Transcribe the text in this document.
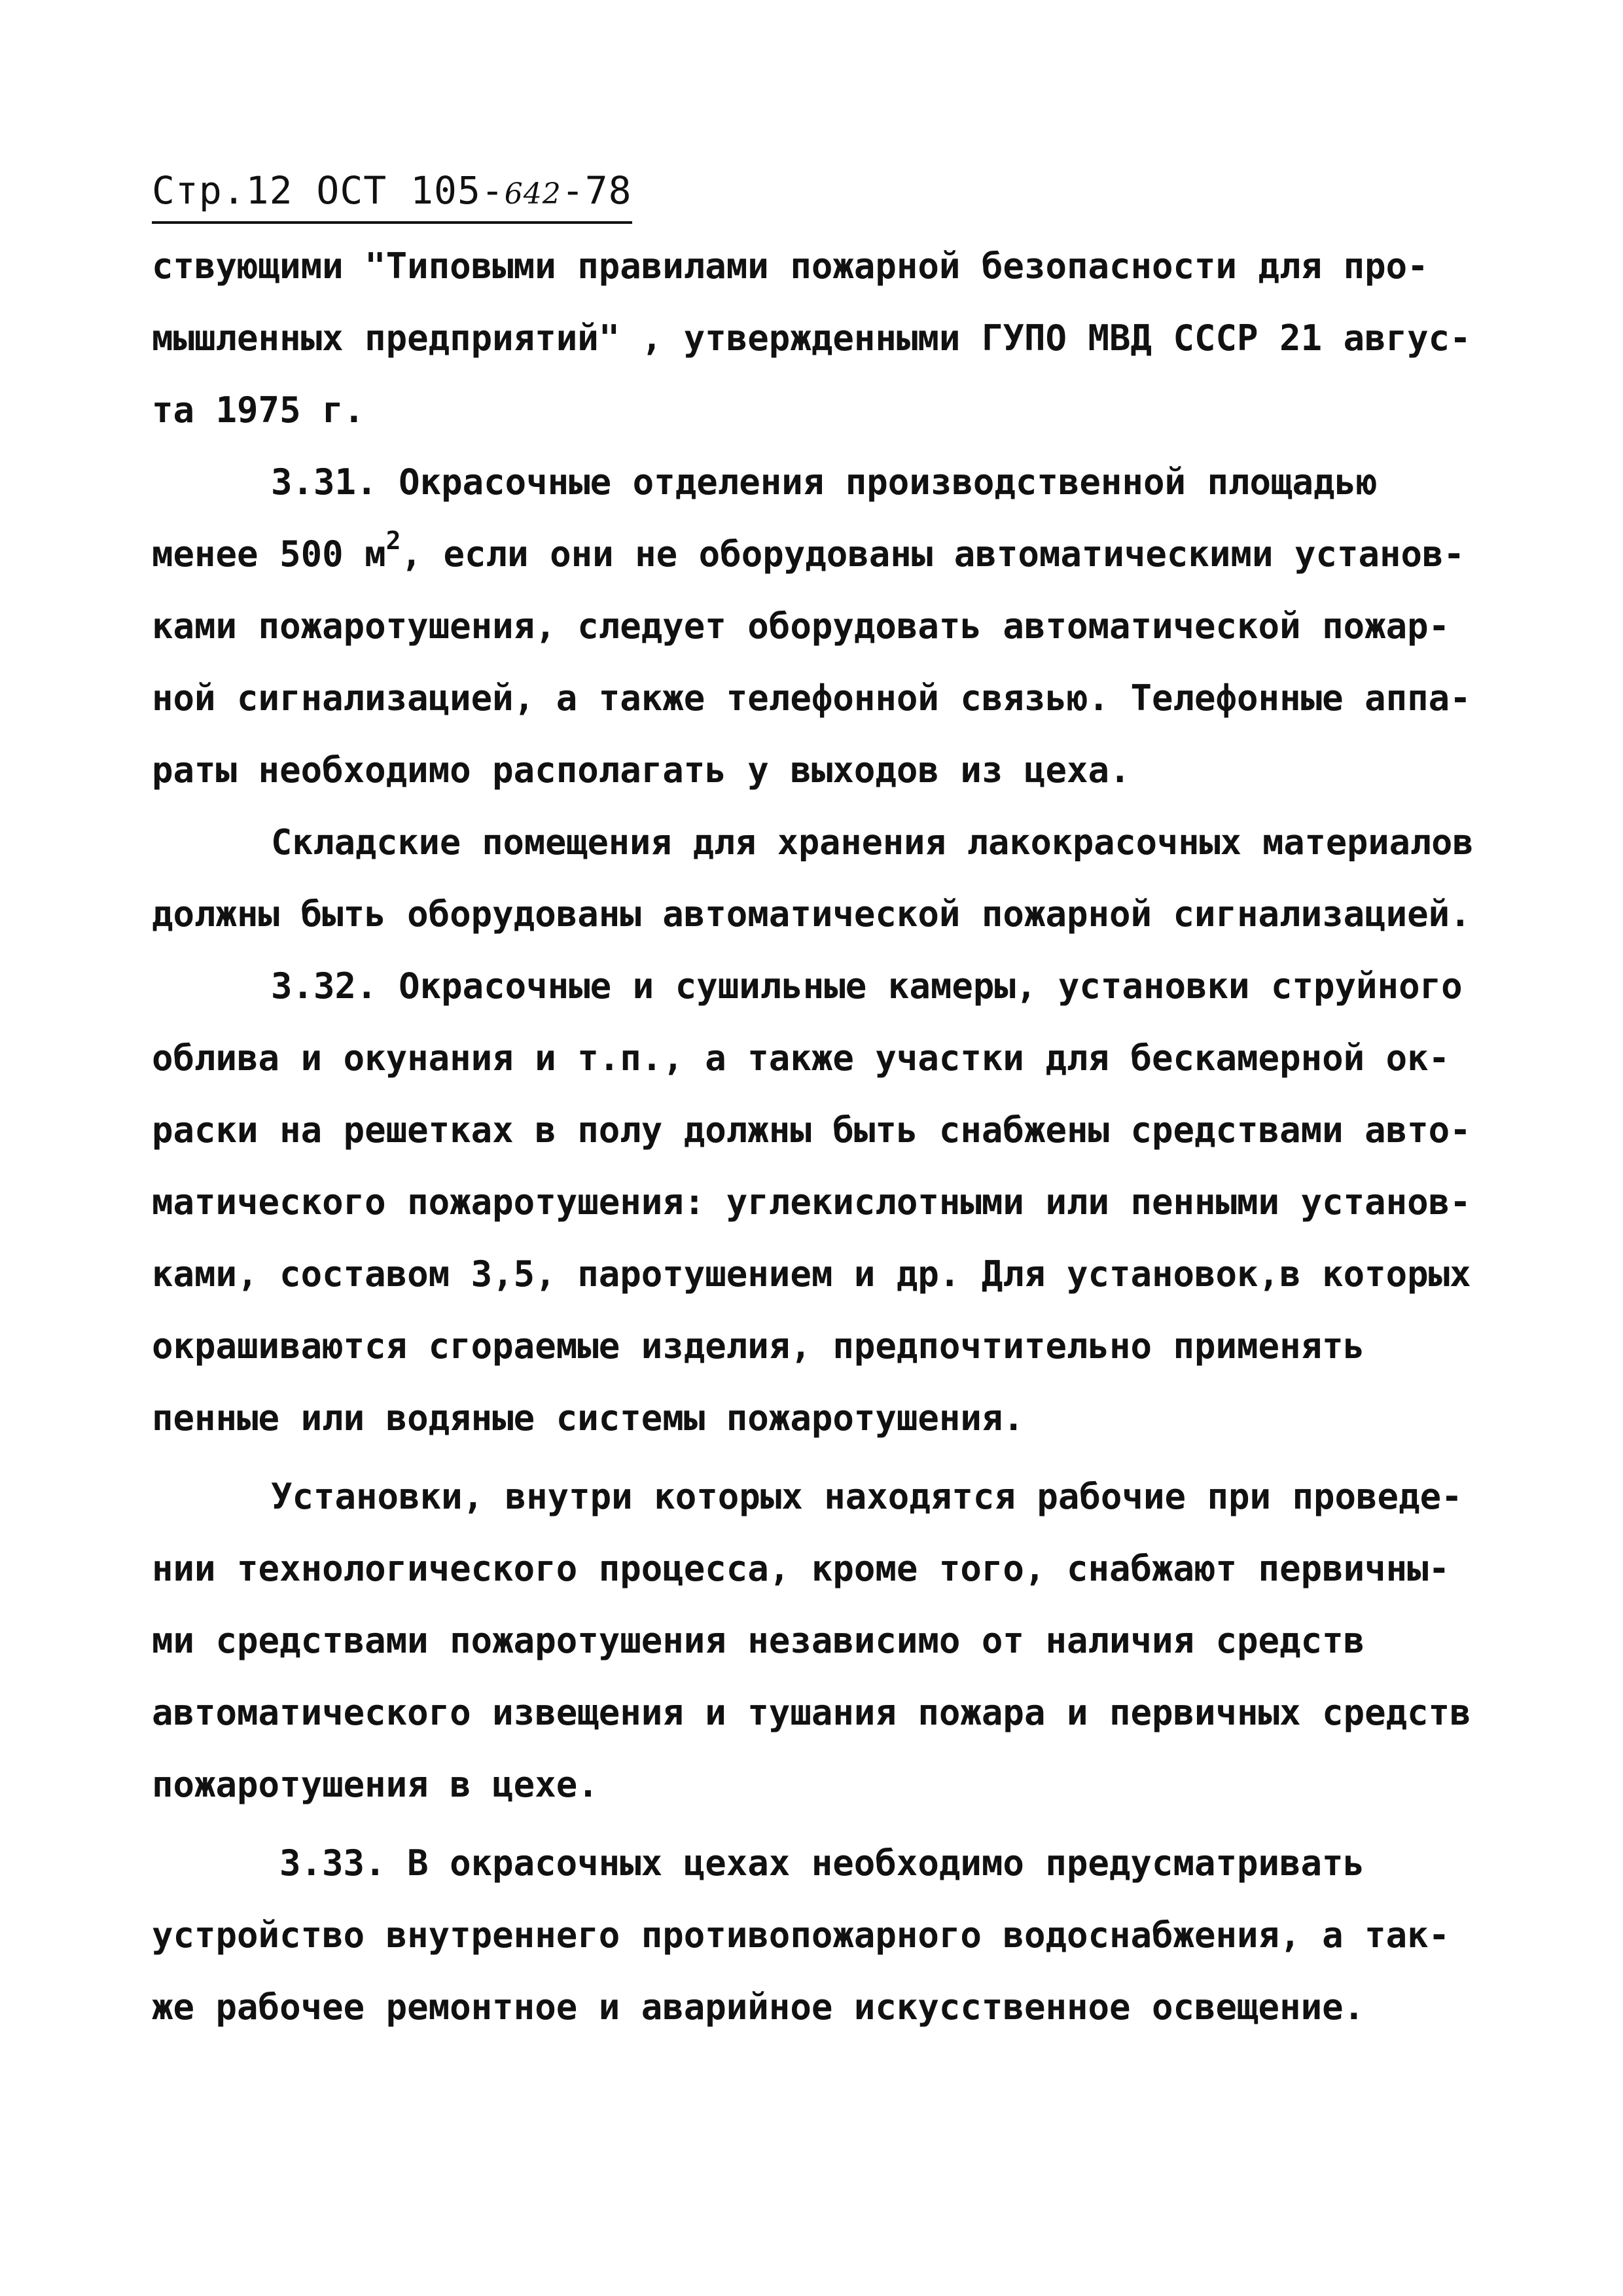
Стр.12 ОСТ 105-642-78
ствующими "Типовыми правилами пожарной безопасности для про-
мышленных предприятий" , утвержденными ГУПО МВД СССР 21 авгус-
та 1975 г.
3.31. Окрасочные отделения производственной площадью
менее 500 $м^2$, если они не оборудованы автоматическими установ-
ками пожаротушения, следует оборудовать автоматической пожар-
ной сигнализацией, а также телефонной связью. Телефонные аппа-
раты необходимо располагать у выходов из цеха.
Складские помещения для хранения лакокрасочных материалов
должны быть оборудованы автоматической пожарной сигнализацией.
3.32. Окрасочные и сушильные камеры, установки струйного
облива и окунания и т.п., а также участки для бескамерной ок-
раски на решетках в полу должны быть снабжены средствами авто-
матического пожаротушения: углекислотными или пенными установ-
ками, составом 3,5, паротушением и др. Для установок,в которых
окрашиваются сгораемые изделия, предпочтительно применять
пенные или водяные системы пожаротушения.
Установки, внутри которых находятся рабочие при проведе-
нии технологического процесса, кроме того, снабжают первичны-
ми средствами пожаротушения независимо от наличия средств
автоматического извещения и тушания пожара и первичных средств
пожаротушения в цехе.
3.33. В окрасочных цехах необходимо предусматривать
устройство внутреннего противопожарного водоснабжения, а так-
же рабочее ремонтное и аварийное искусственное освещение.
